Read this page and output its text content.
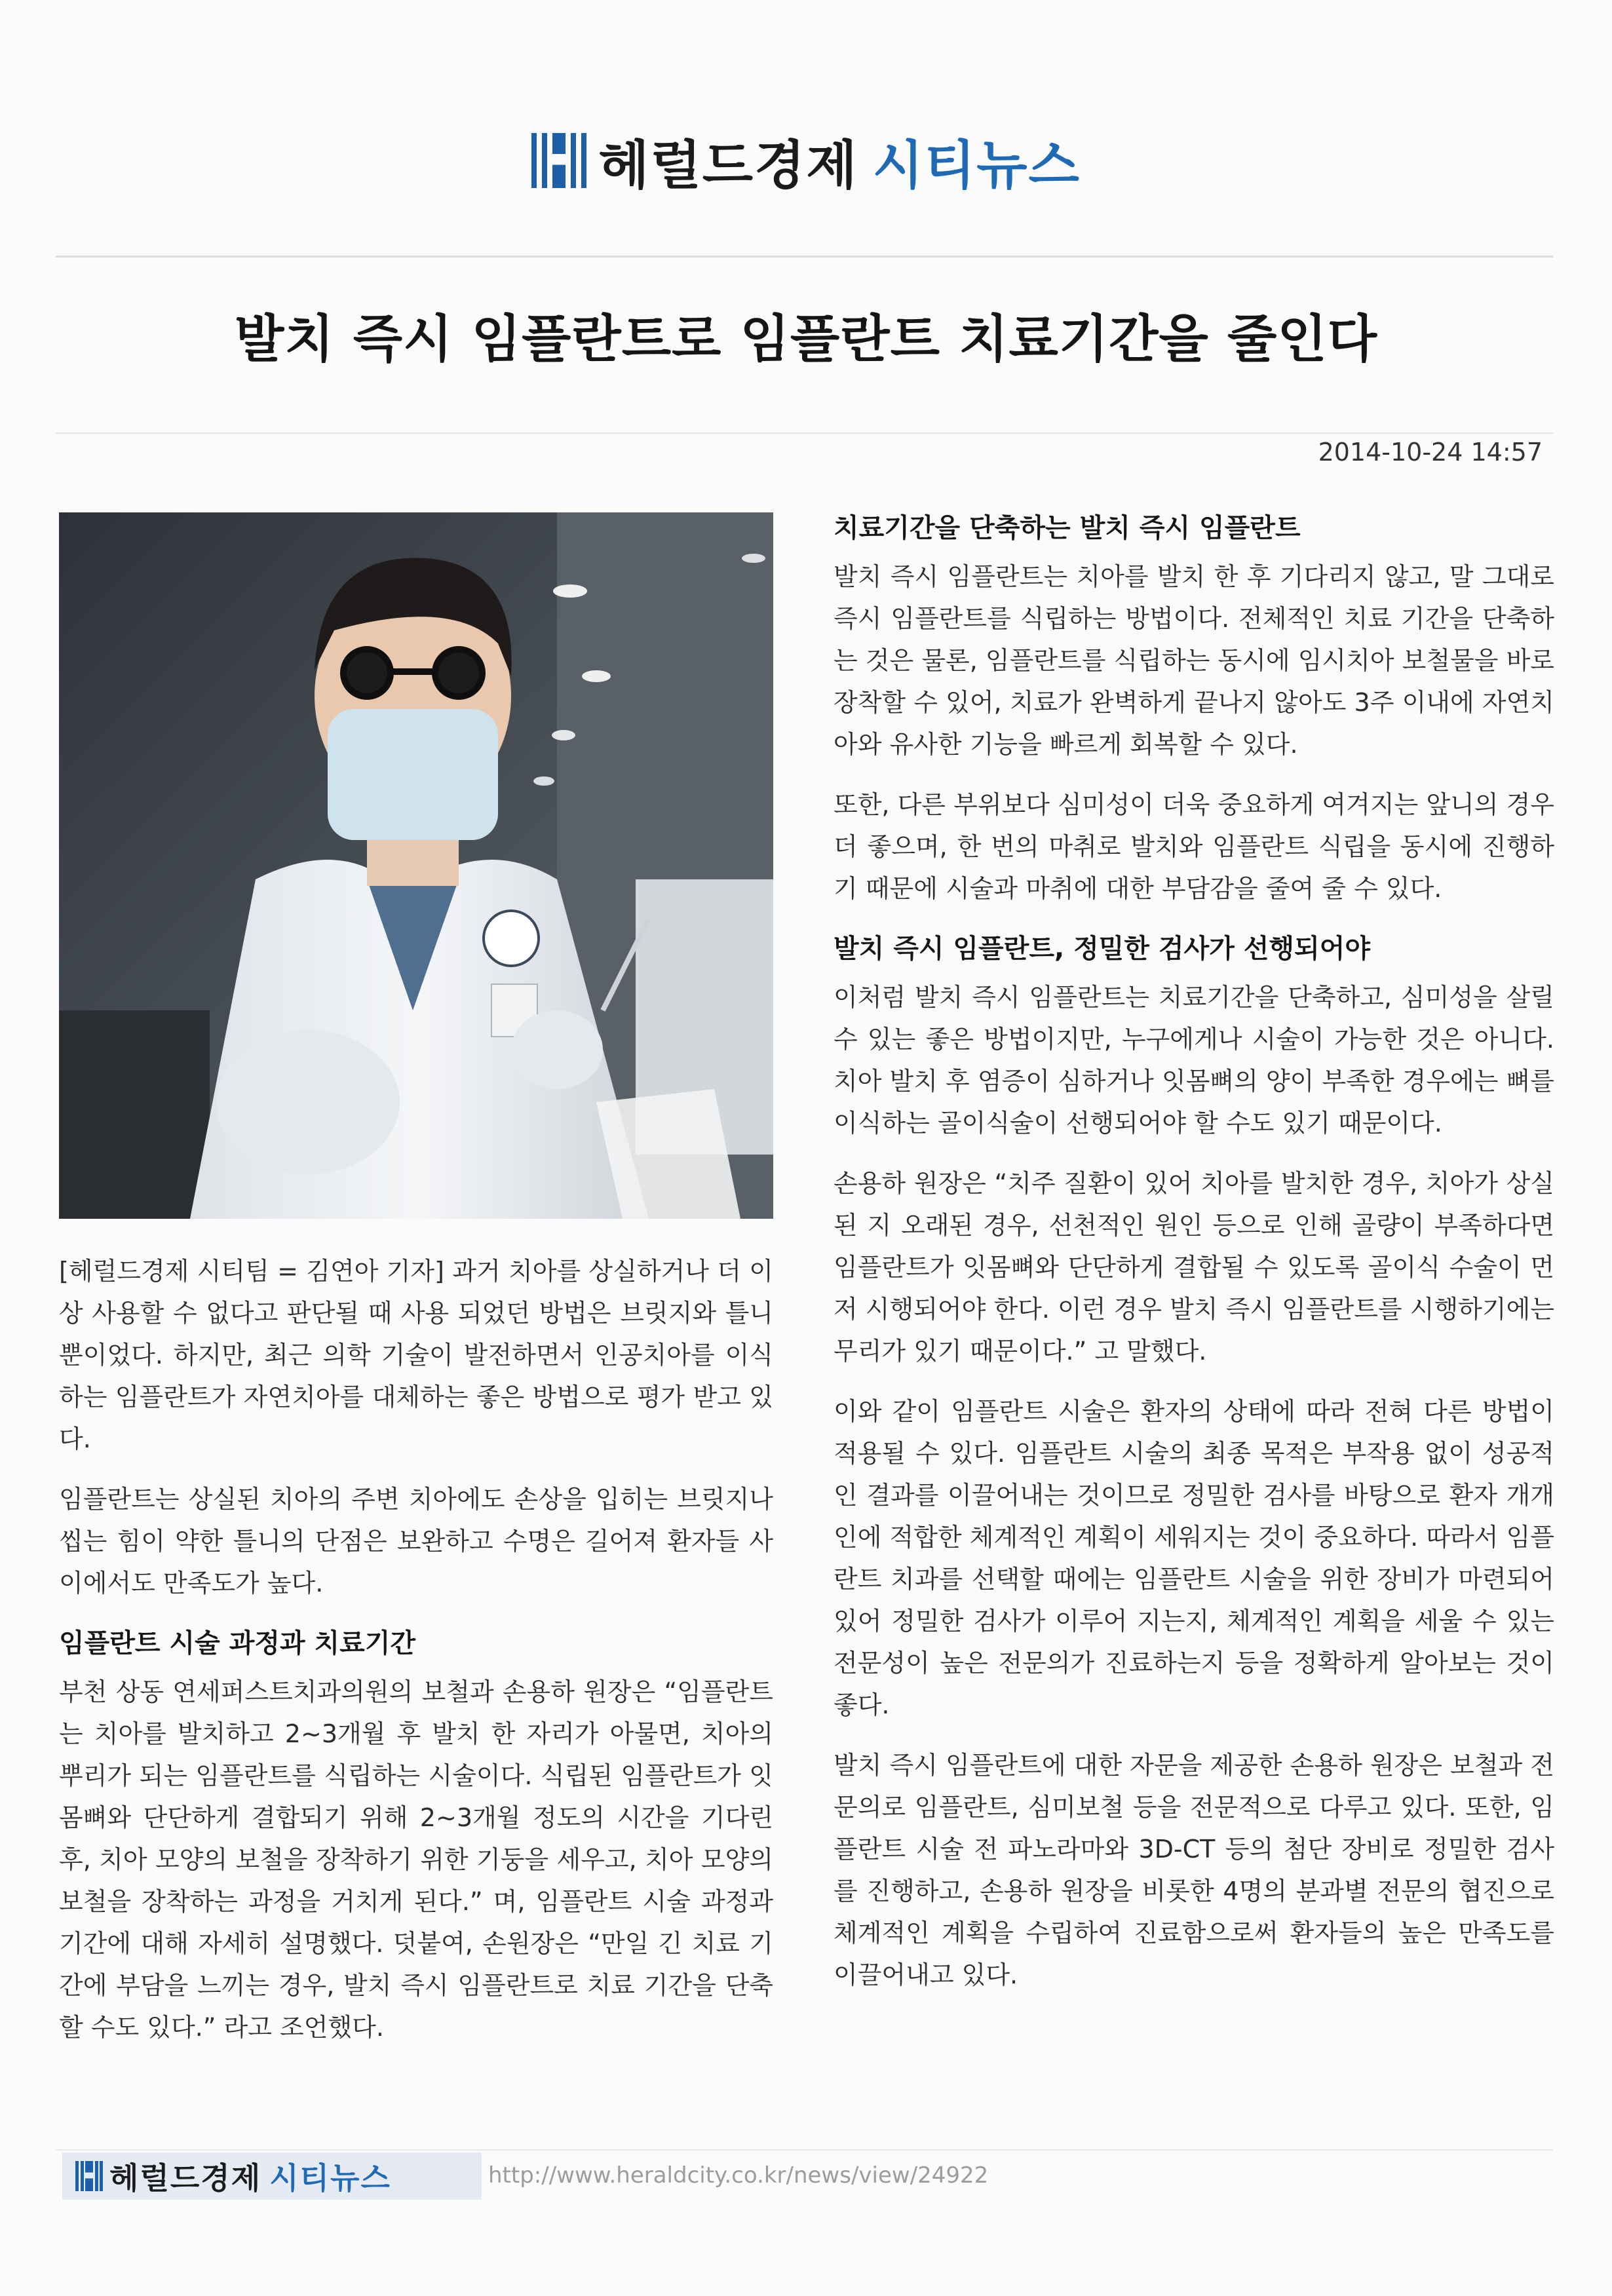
헤럴드경제 시티뉴스
발치 즉시 임플란트로 임플란트 치료기간을 줄인다
2014-10-24 14:57

[헤럴드경제 시티팀 = 김연아 기자] 과거 치아를 상실하거나 더 이상 사용할 수 없다고 판단될 때 사용 되었던 방법은 브릿지와 틀니뿐이었다. 하지만, 최근 의학 기술이 발전하면서 인공치아를 이식하는 임플란트가 자연치아를 대체하는 좋은 방법으로 평가 받고 있다.

임플란트는 상실된 치아의 주변 치아에도 손상을 입히는 브릿지나 씹는 힘이 약한 틀니의 단점은 보완하고 수명은 길어져 환자들 사이에서도 만족도가 높다.

임플란트 시술 과정과 치료기간

부천 상동 연세퍼스트치과의원의 보철과 손용하 원장은 “임플란트는 치아를 발치하고 2~3개월 후 발치 한 자리가 아물면, 치아의 뿌리가 되는 임플란트를 식립하는 시술이다. 식립된 임플란트가 잇몸뼈와 단단하게 결합되기 위해 2~3개월 정도의 시간을 기다린 후, 치아 모양의 보철을 장착하기 위한 기둥을 세우고, 치아 모양의 보철을 장착하는 과정을 거치게 된다.” 며, 임플란트 시술 과정과 기간에 대해 자세히 설명했다. 덧붙여, 손원장은 “만일 긴 치료 기간에 부담을 느끼는 경우, 발치 즉시 임플란트로 치료 기간을 단축할 수도 있다.” 라고 조언했다.

치료기간을 단축하는 발치 즉시 임플란트

발치 즉시 임플란트는 치아를 발치 한 후 기다리지 않고, 말 그대로 즉시 임플란트를 식립하는 방법이다. 전체적인 치료 기간을 단축하는 것은 물론, 임플란트를 식립하는 동시에 임시치아 보철물을 바로 장착할 수 있어, 치료가 완벽하게 끝나지 않아도 3주 이내에 자연치아와 유사한 기능을 빠르게 회복할 수 있다.

또한, 다른 부위보다 심미성이 더욱 중요하게 여겨지는 앞니의 경우 더 좋으며, 한 번의 마취로 발치와 임플란트 식립을 동시에 진행하기 때문에 시술과 마취에 대한 부담감을 줄여 줄 수 있다.

발치 즉시 임플란트, 정밀한 검사가 선행되어야

이처럼 발치 즉시 임플란트는 치료기간을 단축하고, 심미성을 살릴 수 있는 좋은 방법이지만, 누구에게나 시술이 가능한 것은 아니다. 치아 발치 후 염증이 심하거나 잇몸뼈의 양이 부족한 경우에는 뼈를 이식하는 골이식술이 선행되어야 할 수도 있기 때문이다.

손용하 원장은 “치주 질환이 있어 치아를 발치한 경우, 치아가 상실된 지 오래된 경우, 선천적인 원인 등으로 인해 골량이 부족하다면 임플란트가 잇몸뼈와 단단하게 결합될 수 있도록 골이식 수술이 먼저 시행되어야 한다. 이런 경우 발치 즉시 임플란트를 시행하기에는 무리가 있기 때문이다.” 고 말했다.

이와 같이 임플란트 시술은 환자의 상태에 따라 전혀 다른 방법이 적용될 수 있다. 임플란트 시술의 최종 목적은 부작용 없이 성공적인 결과를 이끌어내는 것이므로 정밀한 검사를 바탕으로 환자 개개인에 적합한 체계적인 계획이 세워지는 것이 중요하다. 따라서 임플란트 치과를 선택할 때에는 임플란트 시술을 위한 장비가 마련되어 있어 정밀한 검사가 이루어 지는지, 체계적인 계획을 세울 수 있는 전문성이 높은 전문의가 진료하는지 등을 정확하게 알아보는 것이 좋다.

발치 즉시 임플란트에 대한 자문을 제공한 손용하 원장은 보철과 전문의로 임플란트, 심미보철 등을 전문적으로 다루고 있다. 또한, 임플란트 시술 전 파노라마와 3D-CT 등의 첨단 장비로 정밀한 검사를 진행하고, 손용하 원장을 비롯한 4명의 분과별 전문의 협진으로 체계적인 계획을 수립하여 진료함으로써 환자들의 높은 만족도를 이끌어내고 있다.

헤럴드경제 시티뉴스	http://www.heraldcity.co.kr/news/view/24922
